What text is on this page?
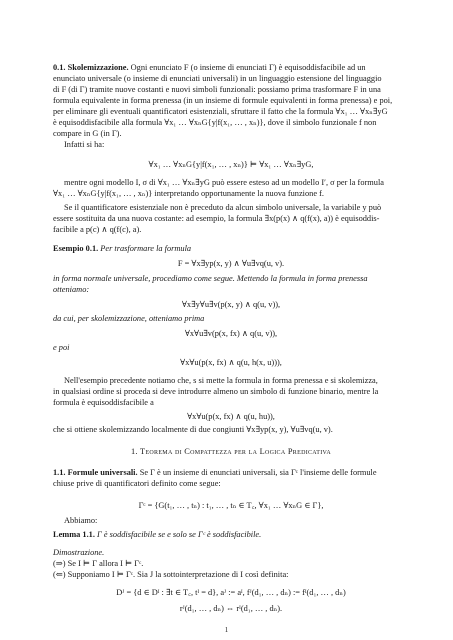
0.1. Skolemizzazione. Ogni enunciato F (o insieme di enunciati Γ) è equisoddisfacibile ad un
enunciato universale (o insieme di enunciati universali) in un linguaggio estensione del linguaggio
di F (di Γ) tramite nuove costanti e nuovi simboli funzionali: possiamo prima trasformare F in una
formula equivalente in forma prenessa (in un insieme di formule equivalenti in forma prenessa) e poi,
per eliminare gli eventuali quantificatori esistenziali, sfruttare il fatto che la formula ∀x₁ … ∀xₙ∃yG
è equisoddisfacibile alla formula ∀x₁ … ∀xₙG{y|f(x₁, … , xₙ)}, dove il simbolo funzionale f non
compare in G (in Γ).
Infatti si ha:
∀x₁ … ∀xₙG{y|f(x₁, … , xₙ)} ⊨ ∀x₁ … ∀xₙ∃yG,
mentre ogni modello I, σ di ∀x₁ … ∀xₙ∃yG può essere esteso ad un modello I′, σ per la formula
∀x₁ … ∀xₙG{y|f(x₁, … , xₙ)} interpretando opportunamente la nuova funzione f.
Se il quantificatore esistenziale non è preceduto da alcun simbolo universale, la variabile y può
essere sostituita da una nuova costante: ad esempio, la formula ∃x(p(x) ∧ q(f(x), a)) è equisoddis-
facibile a p(c) ∧ q(f(c), a).
Esempio 0.1. Per trasformare la formula
F = ∀x∃yp(x, y) ∧ ∀u∃vq(u, v).
in forma normale universale, procediamo come segue. Mettendo la formula in forma prenessa
otteniamo:
∀x∃y∀u∃v(p(x, y) ∧ q(u, v)),
da cui, per skolemizzazione, otteniamo prima
∀x∀u∃v(p(x, fx) ∧ q(u, v)),
e poi
∀x∀u(p(x, fx) ∧ q(u, h(x, u))),
Nell'esempio precedente notiamo che, s si mette la formula in forma prenessa e si skolemizza,
in qualsiasi ordine si proceda si deve introdurre almeno un simbolo di funzione binario, mentre la
formula è equisoddisfacibile a
∀x∀u(p(x, fx) ∧ q(u, hu)),
che si ottiene skolemizzando localmente di due congiunti ∀x∃yp(x, y), ∀u∃vq(u, v).
1. Teorema di Compattezza per la Logica Predicativa
1.1. Formule universali. Se Γ è un insieme di enunciati universali, sia Γᶜ l'insieme delle formule
chiuse prive di quantificatori definito come segue:
Γᶜ = {G(t₁, … , tₙ) : t₁, … , tₙ ∈ T꜀, ∀x₁ … ∀xₙG ∈ Γ},
Abbiamo:
Lemma 1.1. Γ è soddisfacibile se e solo se Γᶜ è soddisfacibile.
Dimostrazione.
(⇒) Se I ⊨ Γ allora I ⊨ Γᶜ.
(⇐) Supponiamo I ⊨ Γᶜ. Sia J la sottointerpretazione di I così definita:
Dᴶ = {d ∈ Dᴵ : ∃t ∈ T꜀, tᴵ = d}, aᴶ := aᴵ, fᴶ(d₁, … , dₙ) := fᴵ(d₁, … , dₙ)
rᴶ(d₁, … , dₙ) ⇔ rᴵ(d₁, … , dₙ).
1
